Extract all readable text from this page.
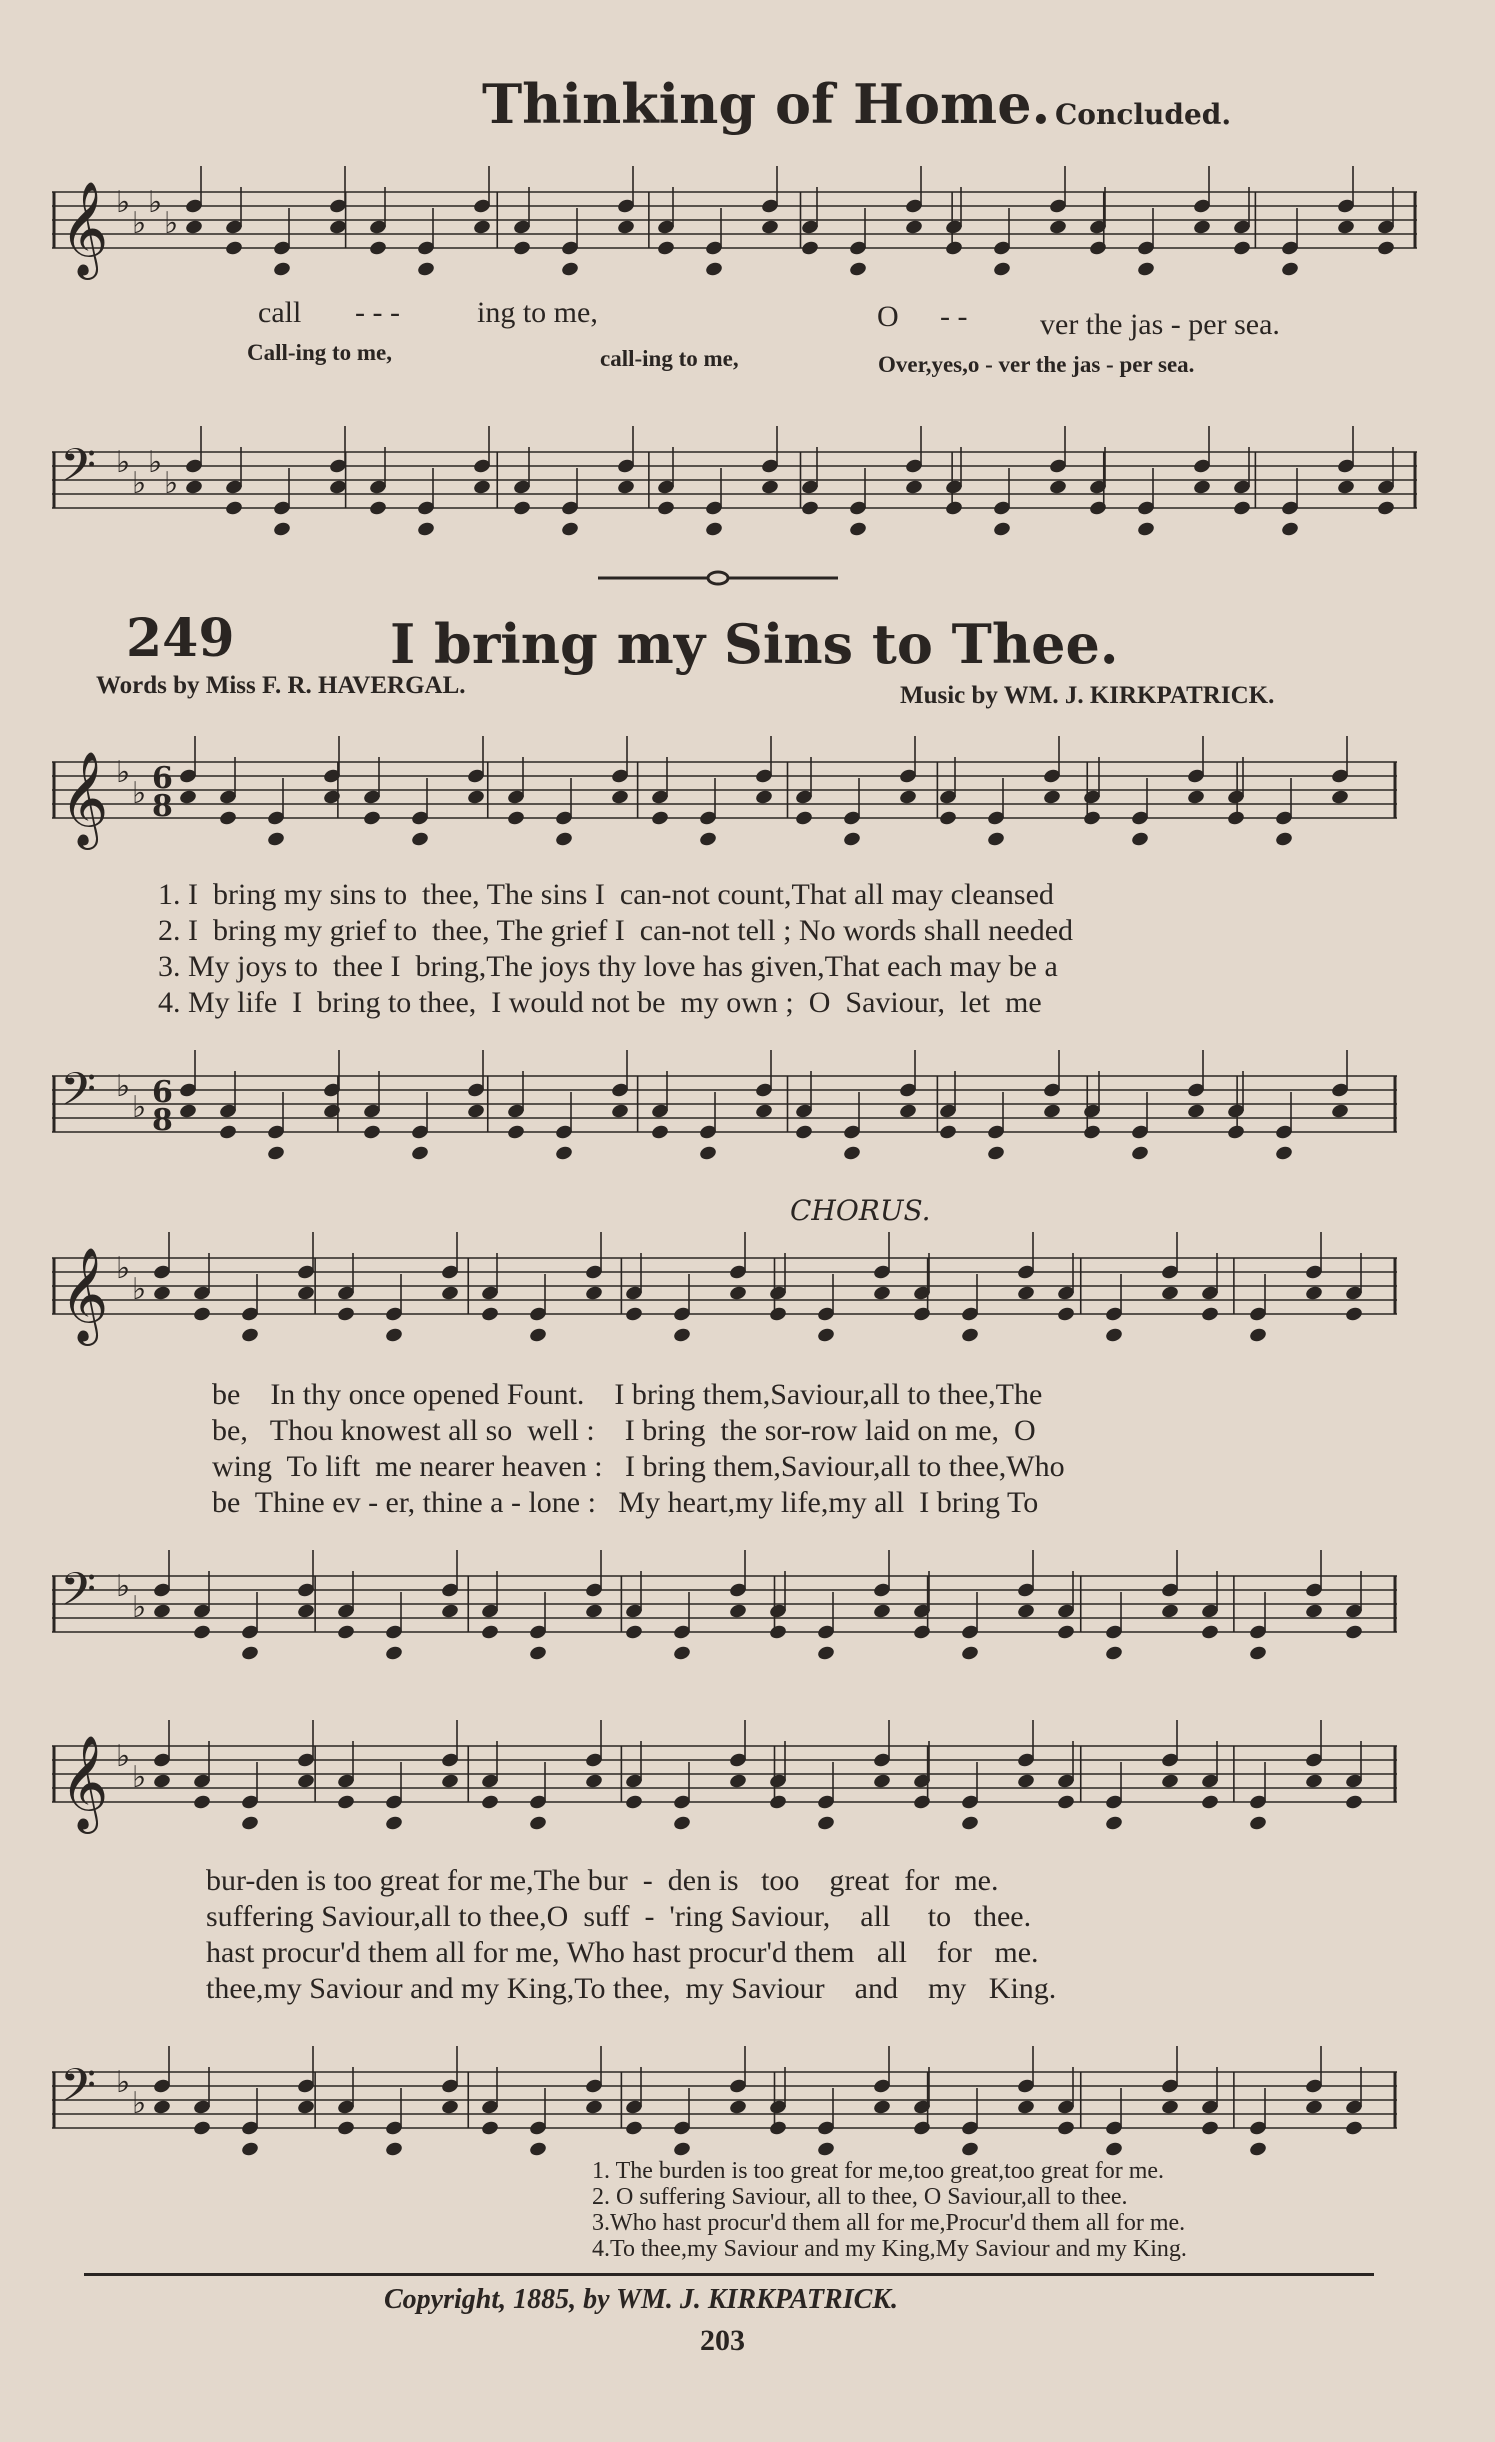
Thinking of Home. Concluded.
𝄞 ♭
♭
♭
♭
call - - -	ing to me,	O - - ver the jas - per sea.
Call-ing to me,	call-ing to me,	Over,yes,o - ver the jas - per sea.
𝄢 ♭
♭
♭
♭
249	I bring my Sins to Thee.
Words by Miss F. R. HAVERGAL.	Music by WM. J. KIRKPATRICK.
𝄞 ♭
♭ 6
8
1. I  bring my sins to  thee, The sins I  can-not count,That all may cleansed
2. I  bring my grief to  thee, The grief I  can-not tell ; No words shall needed
3. My joys to  thee I  bring,The joys thy love has given,That each may be a
4. My life  I  bring to thee,  I would not be  my own ;  O  Saviour,  let  me
𝄢 ♭
♭ 6
8
CHORUS.
𝄞 ♭
♭
be    In thy once opened Fount.    I bring them,Saviour,all to thee,The
be,   Thou knowest all so  well :    I bring  the sor-row laid on me,  O
wing  To lift  me nearer heaven :   I bring them,Saviour,all to thee,Who
be  Thine ev - er, thine a - lone :   My heart,my life,my all  I bring To
𝄢 ♭
♭
𝄞 ♭
♭
bur-den is too great for me,The bur  -  den is   too    great  for  me.
suffering Saviour,all to thee,O  suff  -  'ring Saviour,    all     to   thee.
hast procur'd them all for me, Who hast procur'd them   all    for   me.
thee,my Saviour and my King,To thee,  my Saviour    and    my   King.
𝄢 ♭
♭
1. The burden is too great for me,too great,too great for me.
2. O suffering Saviour, all to thee, O Saviour,all to thee.
3.Who hast procur'd them all for me,Procur'd them all for me.
4.To thee,my Saviour and my King,My Saviour and my King.
Copyright, 1885, by WM. J. KIRKPATRICK.
203
